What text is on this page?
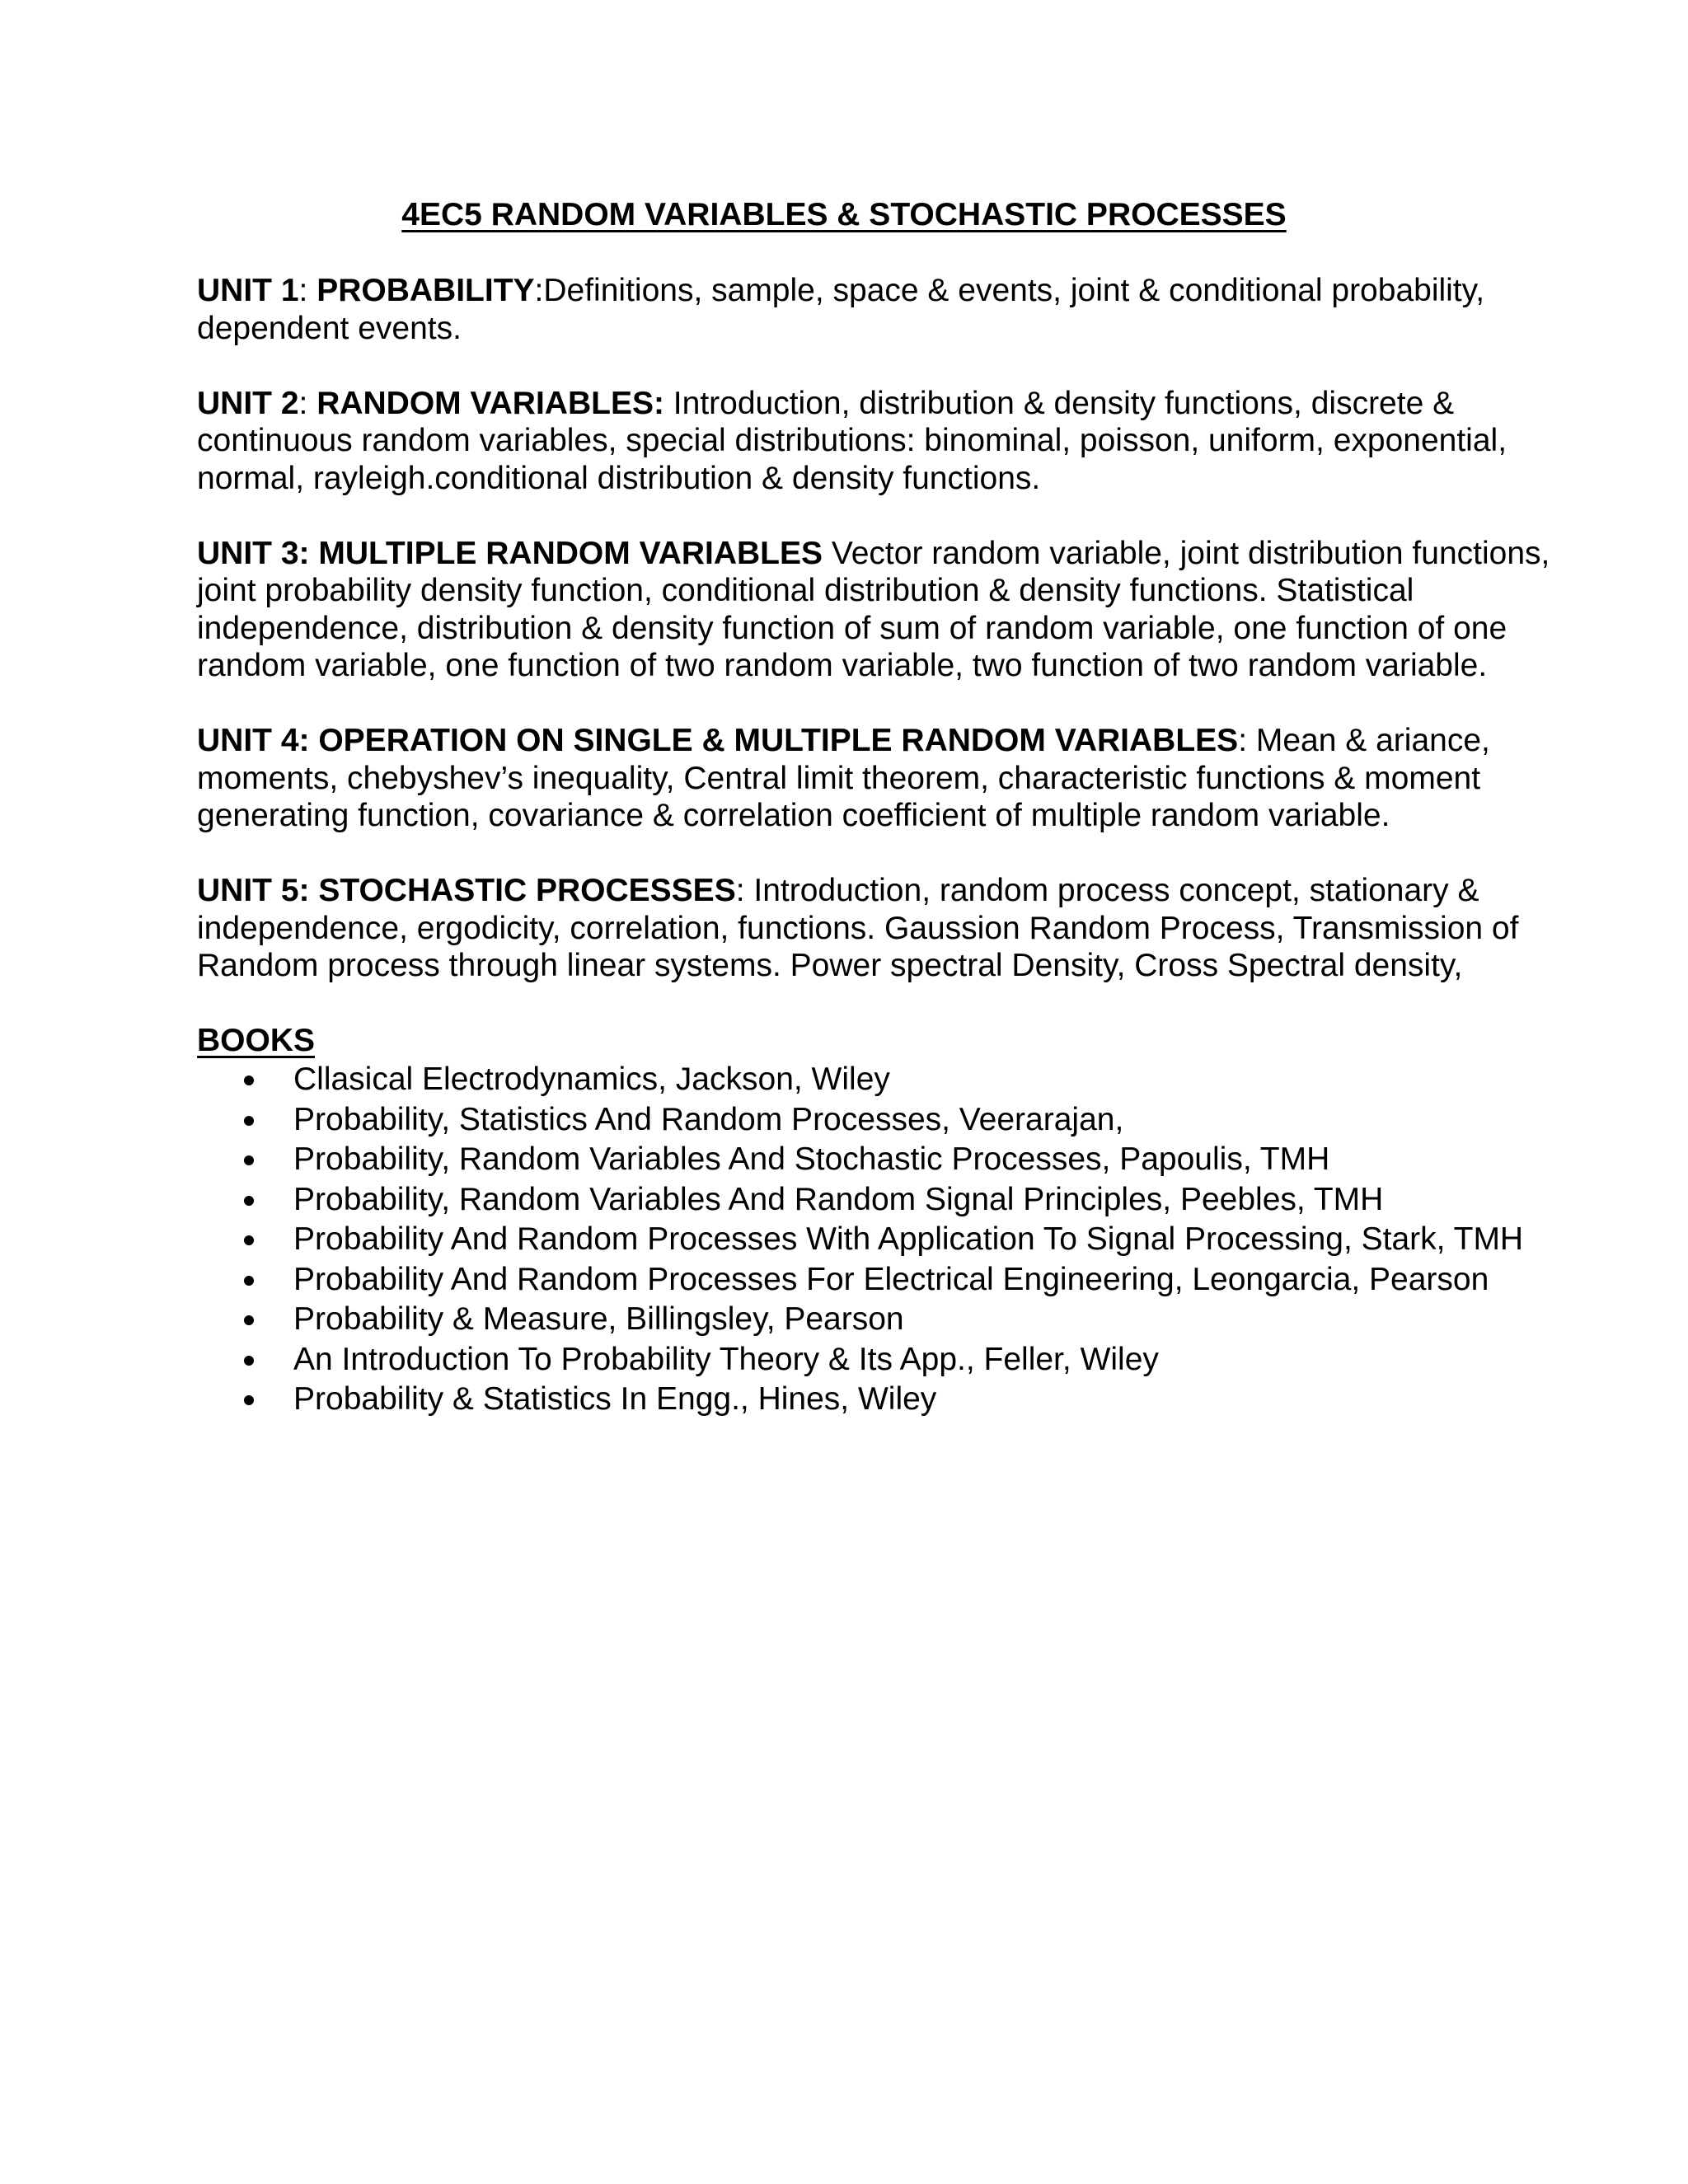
4EC5 RANDOM VARIABLES & STOCHASTIC PROCESSES

UNIT 1: PROBABILITY:Definitions, sample, space & events, joint & conditional probability, dependent events.

UNIT 2: RANDOM VARIABLES: Introduction, distribution & density functions, discrete & continuous random variables, special distributions: binominal, poisson, uniform, exponential, normal, rayleigh.conditional distribution & density functions.

UNIT 3: MULTIPLE RANDOM VARIABLES Vector random variable, joint distribution functions, joint probability density function, conditional distribution & density functions. Statistical independence, distribution & density function of sum of random variable, one function of one random variable, one function of two random variable, two function of two random variable.

UNIT 4: OPERATION ON SINGLE & MULTIPLE RANDOM VARIABLES: Mean & ariance, moments, chebyshev’s inequality, Central limit theorem, characteristic functions & moment generating function, covariance & correlation coefficient of multiple random variable.

UNIT 5: STOCHASTIC PROCESSES: Introduction, random process concept, stationary & independence, ergodicity, correlation, functions. Gaussion Random Process, Transmission of Random process through linear systems. Power spectral Density, Cross Spectral density,

BOOKS
Cllasical Electrodynamics, Jackson, Wiley
Probability, Statistics And Random Processes, Veerarajan,
Probability, Random Variables And Stochastic Processes, Papoulis, TMH
Probability, Random Variables And Random Signal Principles, Peebles, TMH
Probability And Random Processes With Application To Signal Processing, Stark, TMH
Probability And Random Processes For Electrical Engineering, Leongarcia, Pearson
Probability & Measure, Billingsley, Pearson
An Introduction To Probability Theory & Its App., Feller, Wiley
Probability & Statistics In Engg., Hines, Wiley
